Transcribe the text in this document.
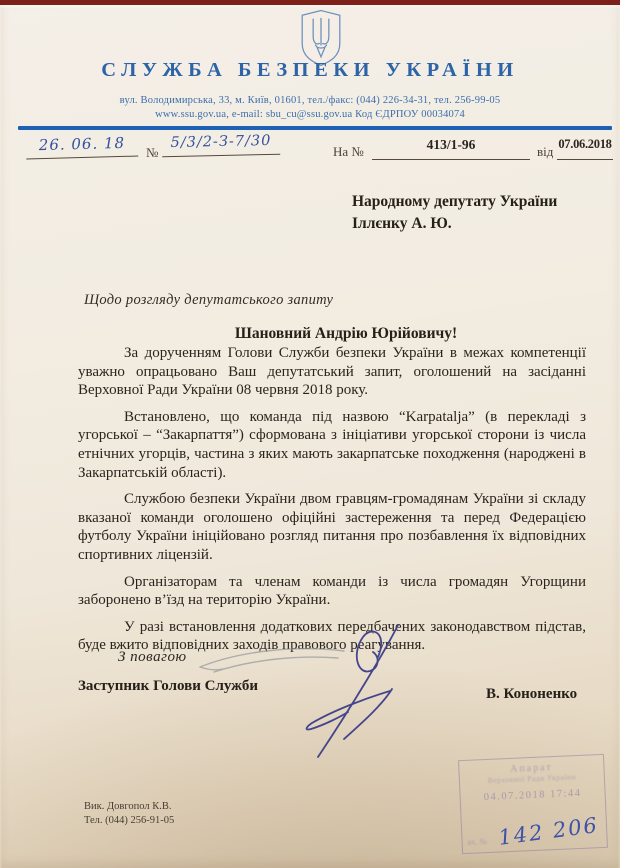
СЛУЖБА БЕЗПЕКИ УКРАЇНИ
вул. Володимирська, 33, м. Київ, 01601, тел./факс: (044) 226-34-31, тел. 256-99-05
www.ssu.gov.ua, e-mail: sbu_cu@ssu.gov.ua Код ЄДРПОУ 00034074
26. 06. 18	№
5/3/2-З-7/30
На №	413/1-96	від 07.06.2018
Народному депутату України
Іллєнку А. Ю.
Щодо розгляду депутатського запиту
Шановний Андрію Юрійовичу!

За дорученням Голови Служби безпеки України в межах компетенції уважно опрацьовано Ваш депутатський запит, оголошений на засіданні Верховної Ради України 08 червня 2018 року.

Встановлено, що команда під назвою “Karpatalja” (в перекладі з угорської – “Закарпаття”) сформована з ініціативи угорської сторони із числа етнічних угорців, частина з яких мають закарпатське походження (народжені в Закарпатській області).

Службою безпеки України двом гравцям-громадянам України зі складу вказаної команди оголошено офіційні застереження та перед Федерацією футболу України ініційовано розгляд питання про позбавлення їх відповідних спортивних ліцензій.

Організаторам та членам команди із числа громадян Угорщини заборонено в’їзд на територію України.

У разі встановлення додаткових передбачених законодавством підстав, буде вжито відповідних заходів правового реагування.

З повагою
Заступник Голови Служби	В. Кононенко
Вик. Довгопол К.В.
Тел. (044) 256-91-05
Апарат
Верховної Ради України
04.07.2018 17:44
вх. № 142 206
